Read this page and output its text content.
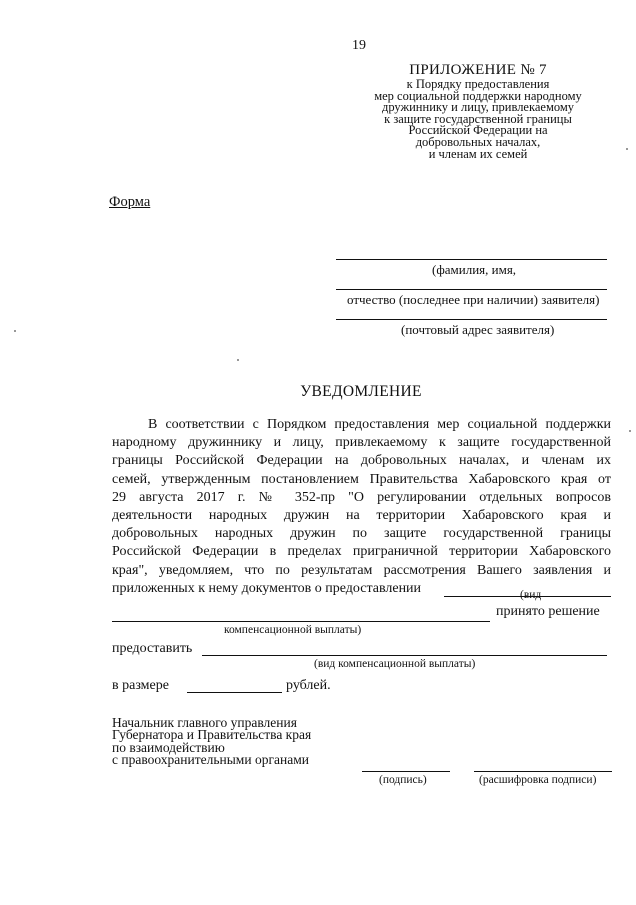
19
ПРИЛОЖЕНИЕ № 7
к Порядку предоставления
мер социальной поддержки народному
дружиннику и лицу, привлекаемому
к защите государственной границы
Российской Федерации на
добровольных началах,
и членам их семей
Форма
(фамилия, имя,
отчество (последнее при наличии) заявителя)
(почтовый адрес заявителя)
УВЕДОМЛЕНИЕ
В соответствии с Порядком предоставления мер социальной поддержки
народному дружиннику и лицу, привлекаемому к защите государственной
границы Российской Федерации на добровольных началах, и членам их
семей, утвержденным постановлением Правительства Хабаровского края от
29 августа 2017 г. № 352-пр "О регулировании отдельных вопросов
деятельности народных дружин на территории Хабаровского края и
добровольных народных дружин по защите государственной границы
Российской Федерации в пределах приграничной территории Хабаровского
края", уведомляем, что по результатам рассмотрения Вашего заявления и
приложенных к нему документов о предоставлении	(вид
принято решение
компенсационной выплаты)
предоставить
(вид компенсационной выплаты)
в размере	рублей.
Начальник главного управления
Губернатора и Правительства края
по взаимодействию
с правоохранительными органами
(подпись)	(расшифровка подписи)
